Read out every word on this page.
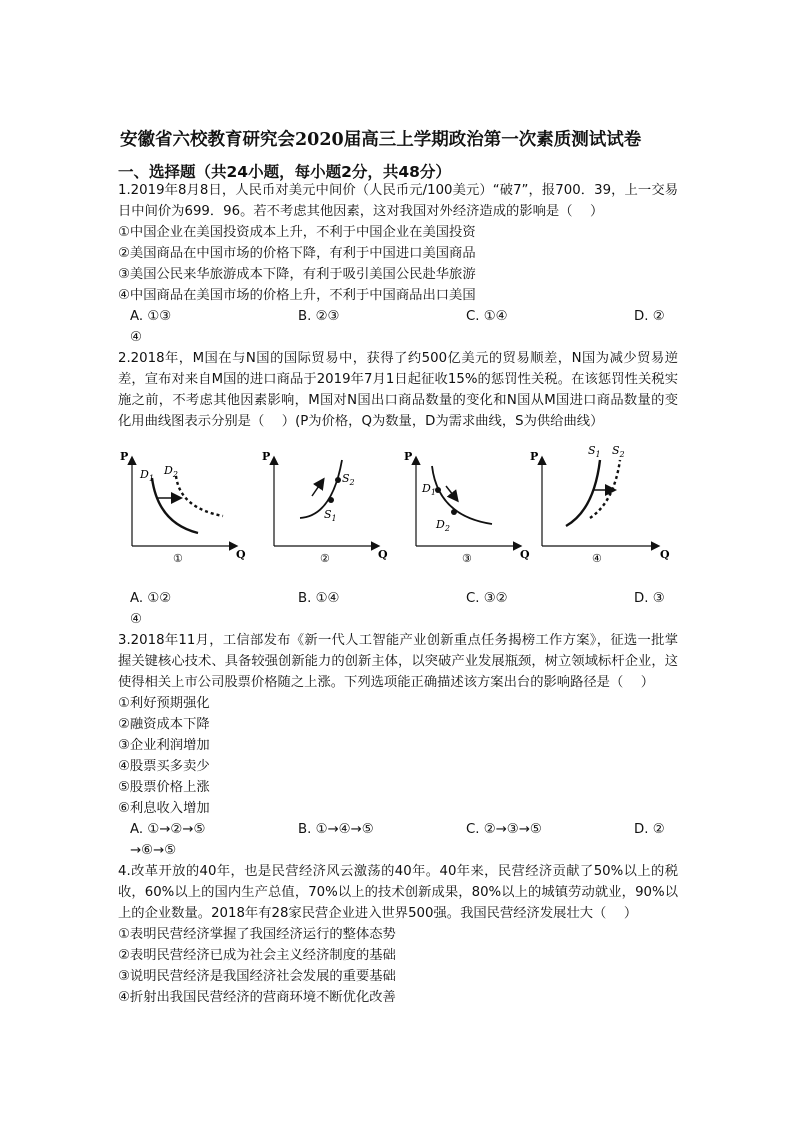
安徽省六校教育研究会2020届高三上学期政治第一次素质测试试卷
一、选择题（共24小题，每小题2分，共48分）

1.2019年8月8日，人民币对美元中间价（人民币元/100美元）“破7”，报700．39，上一交易日中间价为699．96。若不考虑其他因素，这对我国对外经济造成的影响是（　 ）

①中国企业在美国投资成本上升，不利于中国企业在美国投资

②美国商品在中国市场的价格下降，有利于中国进口美国商品

③美国公民来华旅游成本下降，有利于吸引美国公民赴华旅游

④中国商品在美国市场的价格上升，不利于中国商品出口美国

A. ①③	B. ②③	C. ①④	D. ②

④

2.2018年，M国在与N国的国际贸易中，获得了约500亿美元的贸易顺差，N国为减少贸易逆差，宣布对来自M国的进口商品于2019年7月1日起征收15%的惩罚性关税。在该惩罚性关税实施之前，不考虑其他因素影响，M国对N国出口商品数量的变化和N国从M国进口商品数量的变化用曲线图表示分别是（　 ）(P为价格，Q为数量，D为需求曲线，S为供给曲线）

P
Q
$D_1$
$D_2$
①
P
Q
$S_2$
$S_1$
②
P
Q
$D_1$
$D_2$
③
P
Q
$S_1$ $S_2$
④
A. ①②	B. ①④	C. ③②	D. ③

④

3.2018年11月，工信部发布《新一代人工智能产业创新重点任务揭榜工作方案》，征选一批掌握关键核心技术、具备较强创新能力的创新主体，以突破产业发展瓶颈，树立领域标杆企业，这使得相关上市公司股票价格随之上涨。下列选项能正确描述该方案出台的影响路径是（　 ）

①利好预期强化

②融资成本下降

③企业利润增加

④股票买多卖少

⑤股票价格上涨

⑥利息收入增加

A. ①→②→⑤	B. ①→④→⑤	C. ②→③→⑤	D. ②

→⑥→⑤

4.改革开放的40年，也是民营经济风云激荡的40年。40年来，民营经济贡献了50%以上的税收，60%以上的国内生产总值，70%以上的技术创新成果，80%以上的城镇劳动就业，90%以上的企业数量。2018年有28家民营企业进入世界500强。我国民营经济发展壮大（　 ）

①表明民营经济掌握了我国经济运行的整体态势

②表明民营经济已成为社会主义经济制度的基础

③说明民营经济是我国经济社会发展的重要基础

④折射出我国民营经济的营商环境不断优化改善
